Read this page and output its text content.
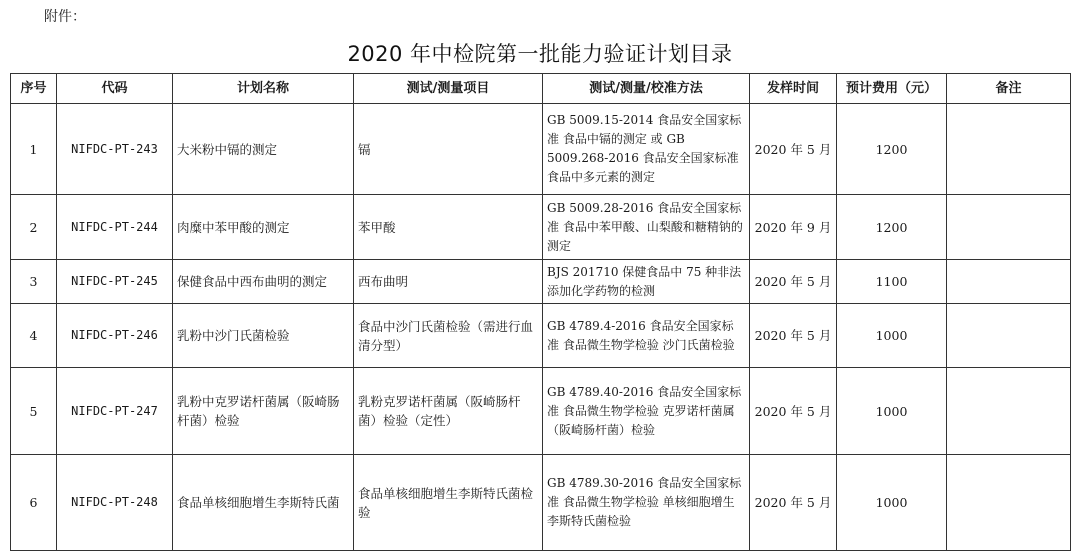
附件：
2020 年中检院第一批能力验证计划目录
序号	代码	计划名称	测试/测量项目	测试/测量/校准方法	发样时间	预计费用（元）	备注
1	NIFDC-PT-243	大米粉中镉的测定	镉	GB 5009.15-2014 食品安全国家标准 食品中镉的测定 或 GB 5009.268-2016 食品安全国家标准 食品中多元素的测定	2020 年 5 月	1200	
2	NIFDC-PT-244	肉糜中苯甲酸的测定	苯甲酸	GB 5009.28-2016 食品安全国家标准 食品中苯甲酸、山梨酸和糖精钠的测定	2020 年 9 月	1200	
3	NIFDC-PT-245	保健食品中西布曲明的测定	西布曲明	BJS 201710 保健食品中 75 种非法添加化学药物的检测	2020 年 5 月	1100	
4	NIFDC-PT-246	乳粉中沙门氏菌检验	食品中沙门氏菌检验（需进行血清分型）	GB 4789.4-2016 食品安全国家标准 食品微生物学检验 沙门氏菌检验	2020 年 5 月	1000	
5	NIFDC-PT-247	乳粉中克罗诺杆菌属（阪崎肠杆菌）检验	乳粉克罗诺杆菌属（阪崎肠杆菌）检验（定性）	GB 4789.40-2016 食品安全国家标准 食品微生物学检验 克罗诺杆菌属（阪崎肠杆菌）检验	2020 年 5 月	1000	
6	NIFDC-PT-248	食品单核细胞增生李斯特氏菌	食品单核细胞增生李斯特氏菌检验	GB 4789.30-2016 食品安全国家标准 食品微生物学检验 单核细胞增生李斯特氏菌检验	2020 年 5 月	1000	
